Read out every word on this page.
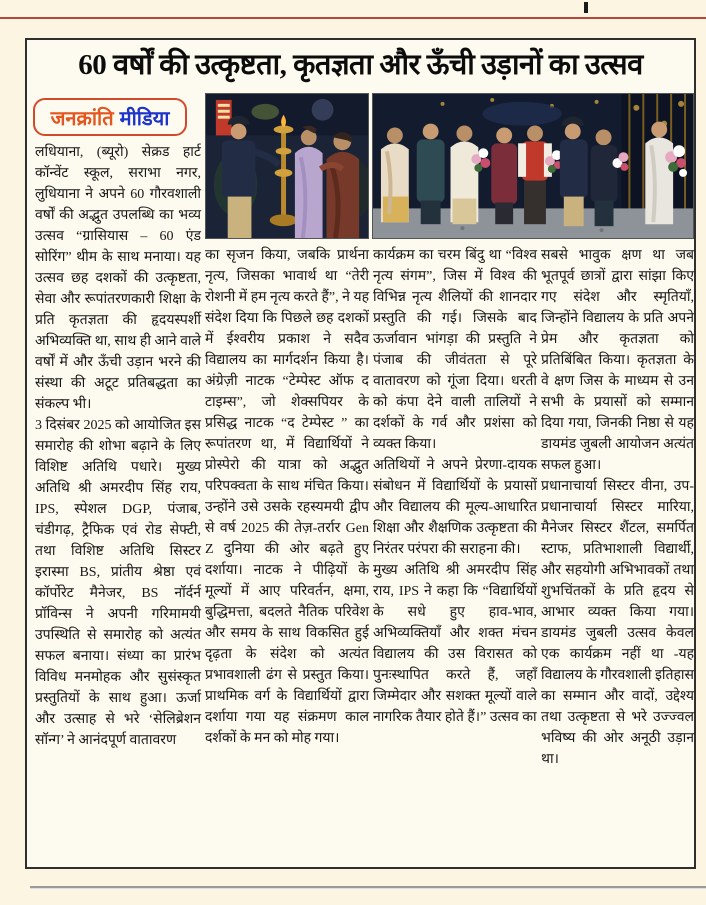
60 वर्षों की उत्कृष्टता, कृतज्ञता और ऊँची उड़ानों का उत्सव
जनक्रांति मीडिया

लधियाना, (ब्यूरो) सेक्रड हार्ट कॉन्वेंट स्कूल, सराभा नगर, लुधियाना ने अपने 60 गौरवशाली वर्षों की अद्भुत उपलब्धि का भव्य उत्सव “ग्रासियास – 60 एंड सोरिंग” थीम के साथ मनाया। यह उत्सव छह दशकों की उत्कृष्टता, सेवा और रूपांतरणकारी शिक्षा के प्रति कृतज्ञता की हृदयस्पर्शी अभिव्यक्ति था, साथ ही आने वाले वर्षों में और ऊँची उड़ान भरने की संस्था की अटूट प्रतिबद्धता का संकल्प भी।

3 दिसंबर 2025 को आयोजित इस समारोह की शोभा बढ़ाने के लिए विशिष्ट अतिथि पधारे। मुख्य अतिथि श्री अमरदीप सिंह राय, IPS, स्पेशल DGP, पंजाब, चंडीगढ़, ट्रैफिक एवं रोड सेफ्टी, तथा विशिष्ट अतिथि सिस्टर इरास्मा BS, प्रांतीय श्रेष्ठा एवं कॉर्पोरेट मैनेजर, BS नॉर्दर्न प्रॉविन्स ने अपनी गरिमामयी उपस्थिति से समारोह को अत्यंत सफल बनाया। संध्या का प्रारंभ विविध मनमोहक और सुसंस्कृत प्रस्तुतियों के साथ हुआ। ऊर्जा और उत्साह से भरे ‘सेलिब्रेशन सॉन्ग’ ने आनंदपूर्ण वातावरण

का सृजन किया, जबकि प्रार्थना नृत्य, जिसका भावार्थ था “तेरी रोशनी में हम नृत्य करते हैं”, ने यह संदेश दिया कि पिछले छह दशकों में ईश्वरीय प्रकाश ने सदैव विद्यालय का मार्गदर्शन किया है। अंग्रेज़ी नाटक “टेम्पेस्ट ऑफ द टाइम्स”, जो शेक्सपियर के प्रसिद्ध नाटक “द टेम्पेस्ट ” का रूपांतरण था, में विद्यार्थियों ने प्रोस्पेरो की यात्रा को अद्भुत परिपक्वता के साथ मंचित किया। उन्होंने उसे उसके रहस्यमयी द्वीप से वर्ष 2025 की तेज़-तर्रार Gen Z दुनिया की ओर बढ़ते हुए दर्शाया। नाटक ने पीढ़ियों के मूल्यों में आए परिवर्तन, क्षमा, बुद्धिमत्ता, बदलते नैतिक परिवेश और समय के साथ विकसित हुई दृढ़ता के संदेश को अत्यंत प्रभावशाली ढंग से प्रस्तुत किया। प्राथमिक वर्ग के विद्यार्थियों द्वारा दर्शाया गया यह संक्रमण काल दर्शकों के मन को मोह गया।

कार्यक्रम का चरम बिंदु था “विश्व नृत्य संगम”, जिस में विश्व की विभिन्न नृत्य शैलियों की शानदार प्रस्तुति की गई। जिसके बाद ऊर्जावान भांगड़ा की प्रस्तुति ने पंजाब की जीवंतता से पूरे वातावरण को गूंजा दिया। धरती को कंपा देने वाली तालियों ने दर्शकों के गर्व और प्रशंसा को व्यक्त किया।

अतिथियों ने अपने प्रेरणा-दायक संबोधन में विद्यार्थियों के प्रयासों और विद्यालय की मूल्य-आधारित शिक्षा और शैक्षणिक उत्कृष्टता की निरंतर परंपरा की सराहना की।

मुख्य अतिथि श्री अमरदीप सिंह राय, IPS ने कहा कि “विद्यार्थियों के सधे हुए हाव-भाव, अभिव्यक्तियाँ और शक्त मंचन विद्यालय की उस विरासत को पुनःस्थापित करते हैं, जहाँ जिम्मेदार और सशक्त मूल्यों वाले नागरिक तैयार होते हैं।” उत्सव का

सबसे भावुक क्षण था जब भूतपूर्व छात्रों द्वारा सांझा किए गए संदेश और स्मृतियाँ, जिन्होंने विद्यालय के प्रति अपने प्रेम और कृतज्ञता को प्रतिबिंबित किया। कृतज्ञता के वे क्षण जिस के माध्यम से उन सभी के प्रयासों को सम्मान दिया गया, जिनकी निष्ठा से यह डायमंड जुबली आयोजन अत्यंत सफल हुआ।

प्रधानाचार्या सिस्टर वीना, उप-प्रधानाचार्या सिस्टर मारिया, मैनेजर सिस्टर शैंटल, समर्पित स्टाफ, प्रतिभाशाली विद्यार्थी, और सहयोगी अभिभावकों तथा शुभचिंतकों के प्रति हृदय से आभार व्यक्त किया गया। डायमंड जुबली उत्सव केवल एक कार्यक्रम नहीं था -यह विद्यालय के गौरवशाली इतिहास का सम्मान और वादों, उद्देश्य तथा उत्कृष्टता से भरे उज्ज्वल भविष्य की ओर अनूठी उड़ान था।
